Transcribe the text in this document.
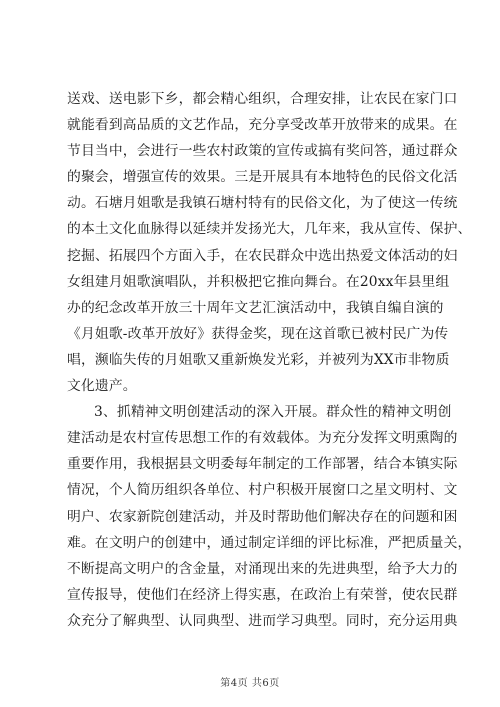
送戏、送电影下乡，都会精心组织，合理安排，让农民在家门口
就能看到高品质的文艺作品，充分享受改革开放带来的成果。在
节目当中，会进行一些农村政策的宣传或搞有奖问答，通过群众
的聚会，增强宣传的效果。三是开展具有本地特色的民俗文化活
动。石塘月姐歌是我镇石塘村特有的民俗文化，为了使这一传统
的本土文化血脉得以延续并发扬光大，几年来，我从宣传、保护、
挖掘、拓展四个方面入手，在农民群众中选出热爱文体活动的妇
女组建月姐歌演唱队，并积极把它推向舞台。在20xx年县里组
办的纪念改革开放三十周年文艺汇演活动中，我镇自编自演的
《月姐歌-改革开放好》获得金奖，现在这首歌已被村民广为传
唱，濒临失传的月姐歌又重新焕发光彩，并被列为XX市非物质
文化遗产。
3、抓精神文明创建活动的深入开展。群众性的精神文明创
建活动是农村宣传思想工作的有效载体。为充分发挥文明熏陶的
重要作用，我根据县文明委每年制定的工作部署，结合本镇实际
情况，个人简历组织各单位、村户积极开展窗口之星文明村、文
明户、农家新院创建活动，并及时帮助他们解决存在的问题和困
难。在文明户的创建中，通过制定详细的评比标准，严把质量关，
不断提高文明户的含金量，对涌现出来的先进典型，给予大力的
宣传报导，使他们在经济上得实惠，在政治上有荣誉，使农民群
众充分了解典型、认同典型、进而学习典型。同时，充分运用典
第4页 共6页
